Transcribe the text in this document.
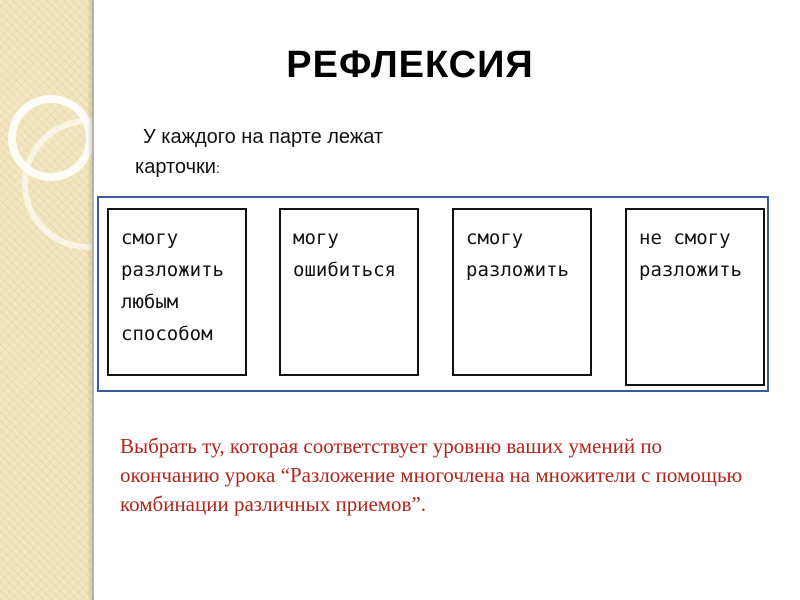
РЕФЛЕКСИЯ
У каждого на парте лежат
карточки:
смогу
разложить
любым
способом
могу
ошибиться
смогу
разложить
не смогу
разложить
Выбрать ту, которая соответствует уровню ваших умений по окончанию урока “Разложение многочлена на множители с помощью комбинации различных приемов”.
